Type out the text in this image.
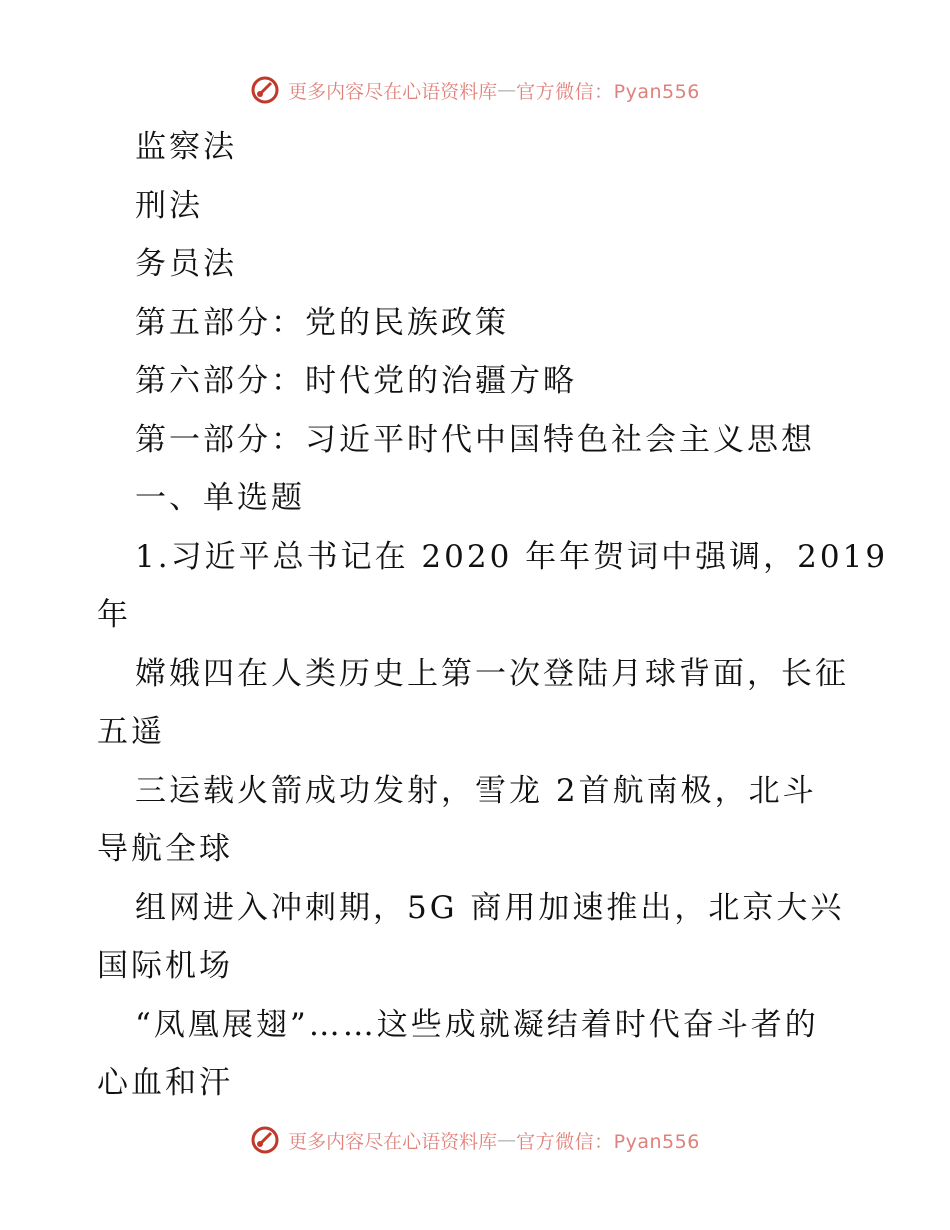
更多内容尽在心语资料库 — 官方微信：Pyan556
监察法
刑法
务员法
第五部分：党的民族政策
第六部分：时代党的治疆方略
第一部分：习近平时代中国特色社会主义思想
一、单选题
1.习近平总书记在 2020 年年贺词中强调，2019
年
嫦娥四在人类历史上第一次登陆月球背面，长征
五遥
三运载火箭成功发射，雪龙 2首航南极，北斗
导航全球
组网进入冲刺期，5G 商用加速推出，北京大兴
国际机场
“凤凰展翅”……这些成就凝结着时代奋斗者的
心血和汗
更多内容尽在心语资料库 — 官方微信：Pyan556
